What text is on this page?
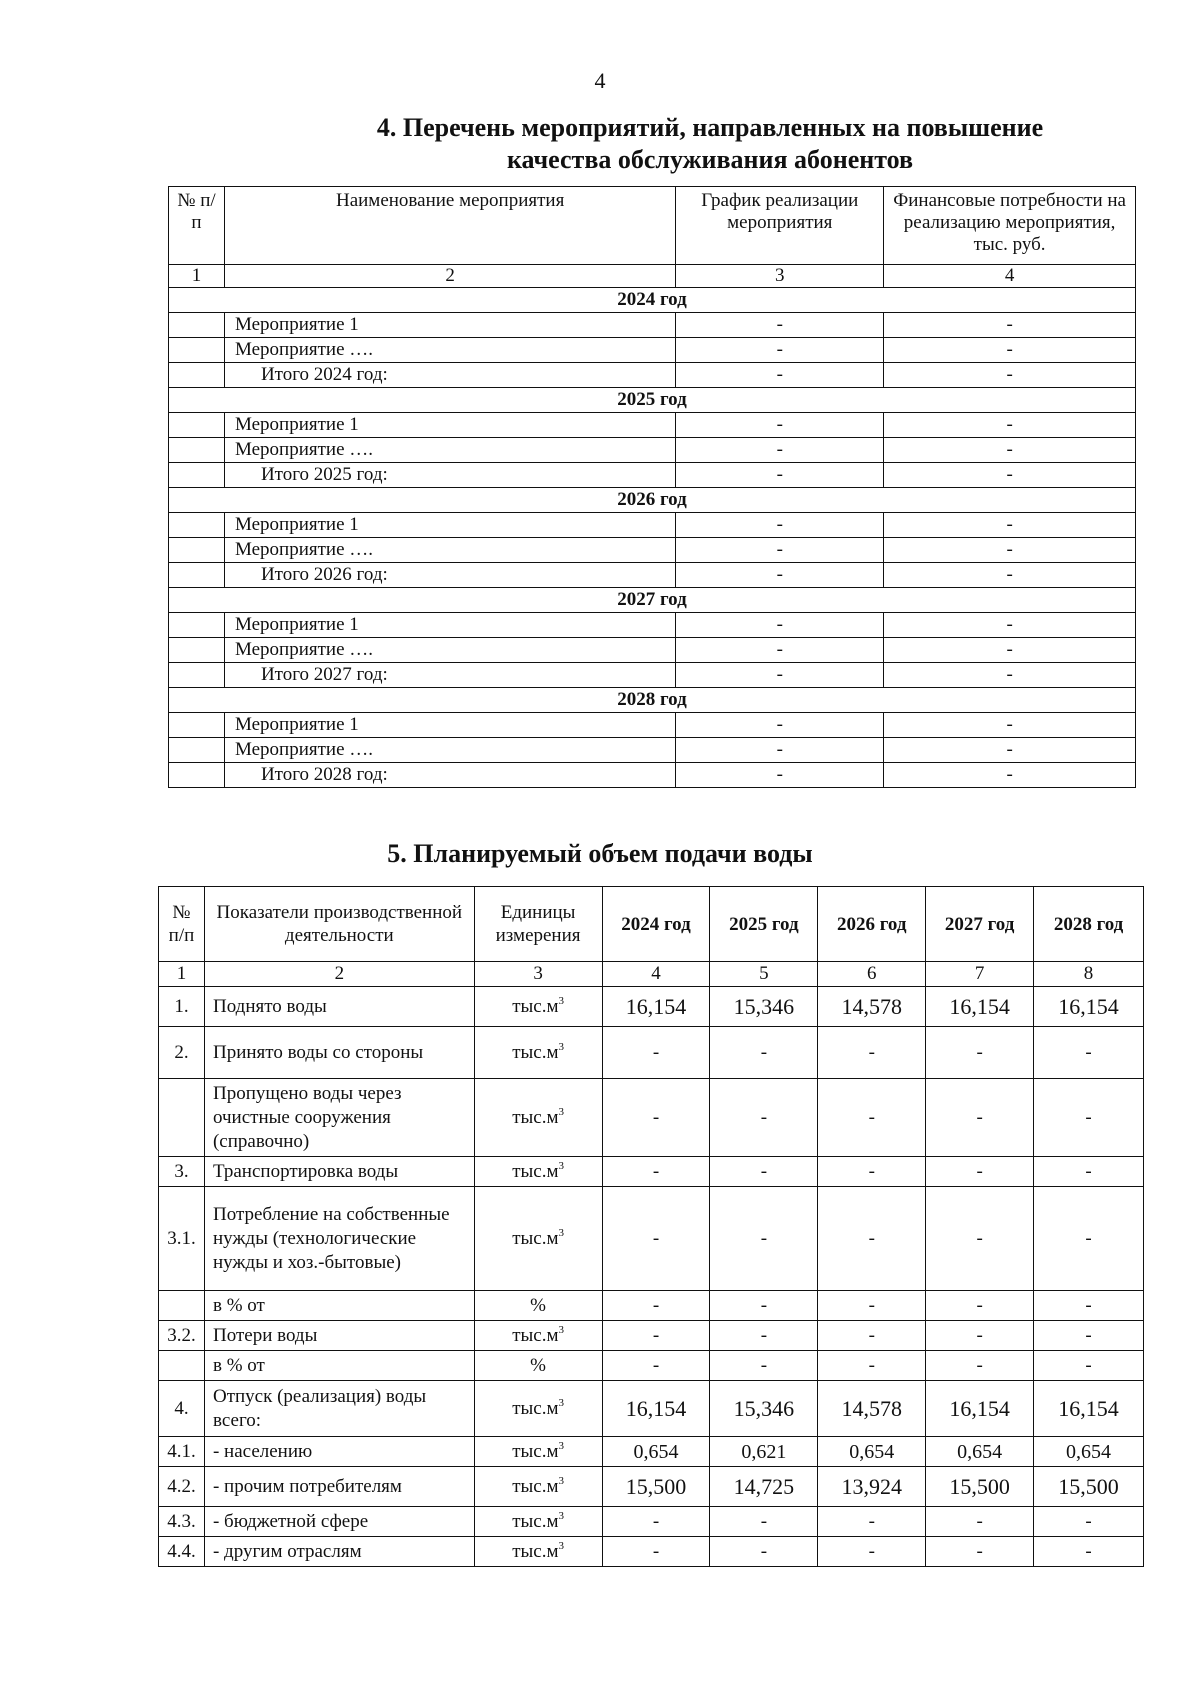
4
4. Перечень мероприятий, направленных на повышение
качества обслуживания абонентов
№ п/п	Наименование мероприятия	График реализации мероприятия	Финансовые потребности на реализацию мероприятия, тыс. руб.
1	2	3	4
2024 год			
	Мероприятие 1	-	-
	Мероприятие ….	-	-
	Итого 2024 год:	-	-
2025 год			
	Мероприятие 1	-	-
	Мероприятие ….	-	-
	Итого 2025 год:	-	-
2026 год			
	Мероприятие 1	-	-
	Мероприятие ….	-	-
	Итого 2026 год:	-	-
2027 год			
	Мероприятие 1	-	-
	Мероприятие ….	-	-
	Итого 2027 год:	-	-
2028 год			
	Мероприятие 1	-	-
	Мероприятие ….	-	-
	Итого 2028 год:	-	-
5. Планируемый объем подачи воды
№ п/п	Показатели производственной деятельности	Единицы измерения	2024 год	2025 год	2026 год	2027 год	2028 год
1	2	3	4	5	6	7	8
1.	Поднято воды	$тыс.м^3$	16,154	15,346	14,578	16,154	16,154
2.	Принято воды со стороны	$тыс.м^3$	-	-	-	-	-
	Пропущено воды через очистные сооружения (справочно)	$тыс.м^3$	-	-	-	-	-
3.	Транспортировка воды	$тыс.м^3$	-	-	-	-	-
3.1.	Потребление на собственные нужды (технологические нужды и хоз.-бытовые)	$тыс.м^3$	-	-	-	-	-
	в % от	%	-	-	-	-	-
3.2.	Потери воды	$тыс.м^3$	-	-	-	-	-
	в % от	%	-	-	-	-	-
4.	Отпуск (реализация) воды всего:	$тыс.м^3$	16,154	15,346	14,578	16,154	16,154
4.1.	- населению	$тыс.м^3$	0,654	0,621	0,654	0,654	0,654
4.2.	- прочим потребителям	$тыс.м^3$	15,500	14,725	13,924	15,500	15,500
4.3.	- бюджетной сфере	$тыс.м^3$	-	-	-	-	-
4.4.	- другим отраслям	$тыс.м^3$	-	-	-	-	-
